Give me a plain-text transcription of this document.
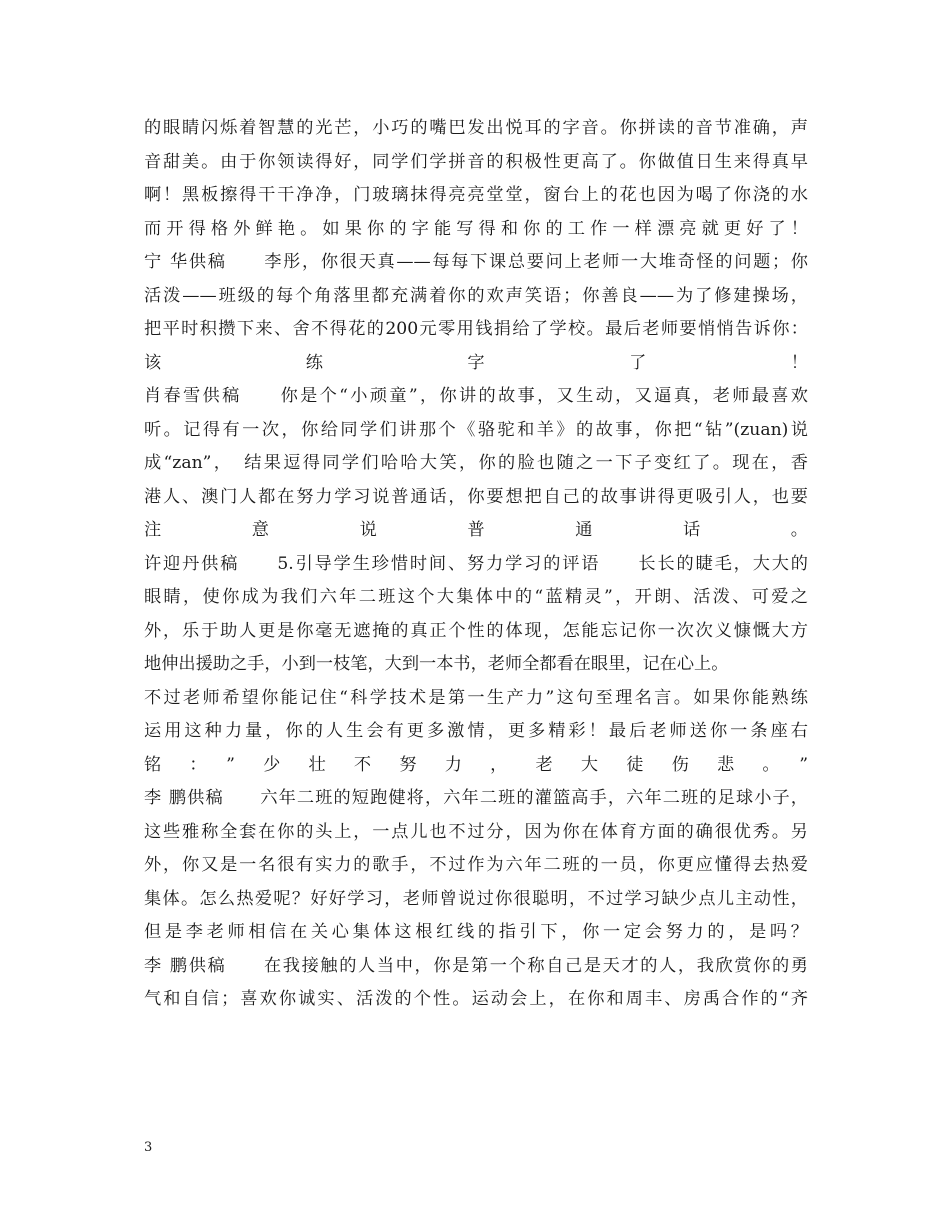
的眼睛闪烁着智慧的光芒，小巧的嘴巴发出悦耳的字音。你拼读的音节准确，声
音甜美。由于你领读得好，同学们学拼音的积极性更高了。你做值日生来得真早
啊！黑板擦得干干净净，门玻璃抹得亮亮堂堂，窗台上的花也因为喝了你浇的水
而开得格外鲜艳。如果你的字能写得和你的工作一样漂亮就更好了！
宁 华供稿　　李彤，你很天真——每每下课总要问上老师一大堆奇怪的问题；你
活泼——班级的每个角落里都充满着你的欢声笑语；你善良——为了修建操场，
把平时积攒下来、舍不得花的200元零用钱捐给了学校。最后老师要悄悄告诉你：
该练字了！
肖春雪供稿　　你是个“小顽童”，你讲的故事，又生动，又逼真，老师最喜欢
听。记得有一次，你给同学们讲那个《骆驼和羊》的故事，你把“钻”(zuan)说
成“zan”，　结果逗得同学们哈哈大笑，你的脸也随之一下子变红了。现在，香
港人、澳门人都在努力学习说普通话，你要想把自己的故事讲得更吸引人，也要
注意说普通话。
许迎丹供稿　　5.引导学生珍惜时间、努力学习的评语　　长长的睫毛，大大的
眼睛，使你成为我们六年二班这个大集体中的“蓝精灵”，开朗、活泼、可爱之
外，乐于助人更是你毫无遮掩的真正个性的体现，怎能忘记你一次次义慷慨大方
地伸出援助之手，小到一枝笔，大到一本书，老师全都看在眼里，记在心上。
不过老师希望你能记住“科学技术是第一生产力”这句至理名言。如果你能熟练
运用这种力量，你的人生会有更多激情，更多精彩！最后老师送你一条座右
铭：”少壮不努力，老大徒伤悲。”
李 鹏供稿　　六年二班的短跑健将，六年二班的灌篮高手，六年二班的足球小子，
这些雅称全套在你的头上，一点儿也不过分，因为你在体育方面的确很优秀。另
外，你又是一名很有实力的歌手，不过作为六年二班的一员，你更应懂得去热爱
集体。怎么热爱呢？好好学习，老师曾说过你很聪明，不过学习缺少点儿主动性，
但是李老师相信在关心集体这根红线的指引下，你一定会努力的，是吗？
李 鹏供稿　　在我接触的人当中，你是第一个称自己是天才的人，我欣赏你的勇
气和自信；喜欢你诚实、活泼的个性。运动会上，在你和周丰、房禹合作的“齐
3
